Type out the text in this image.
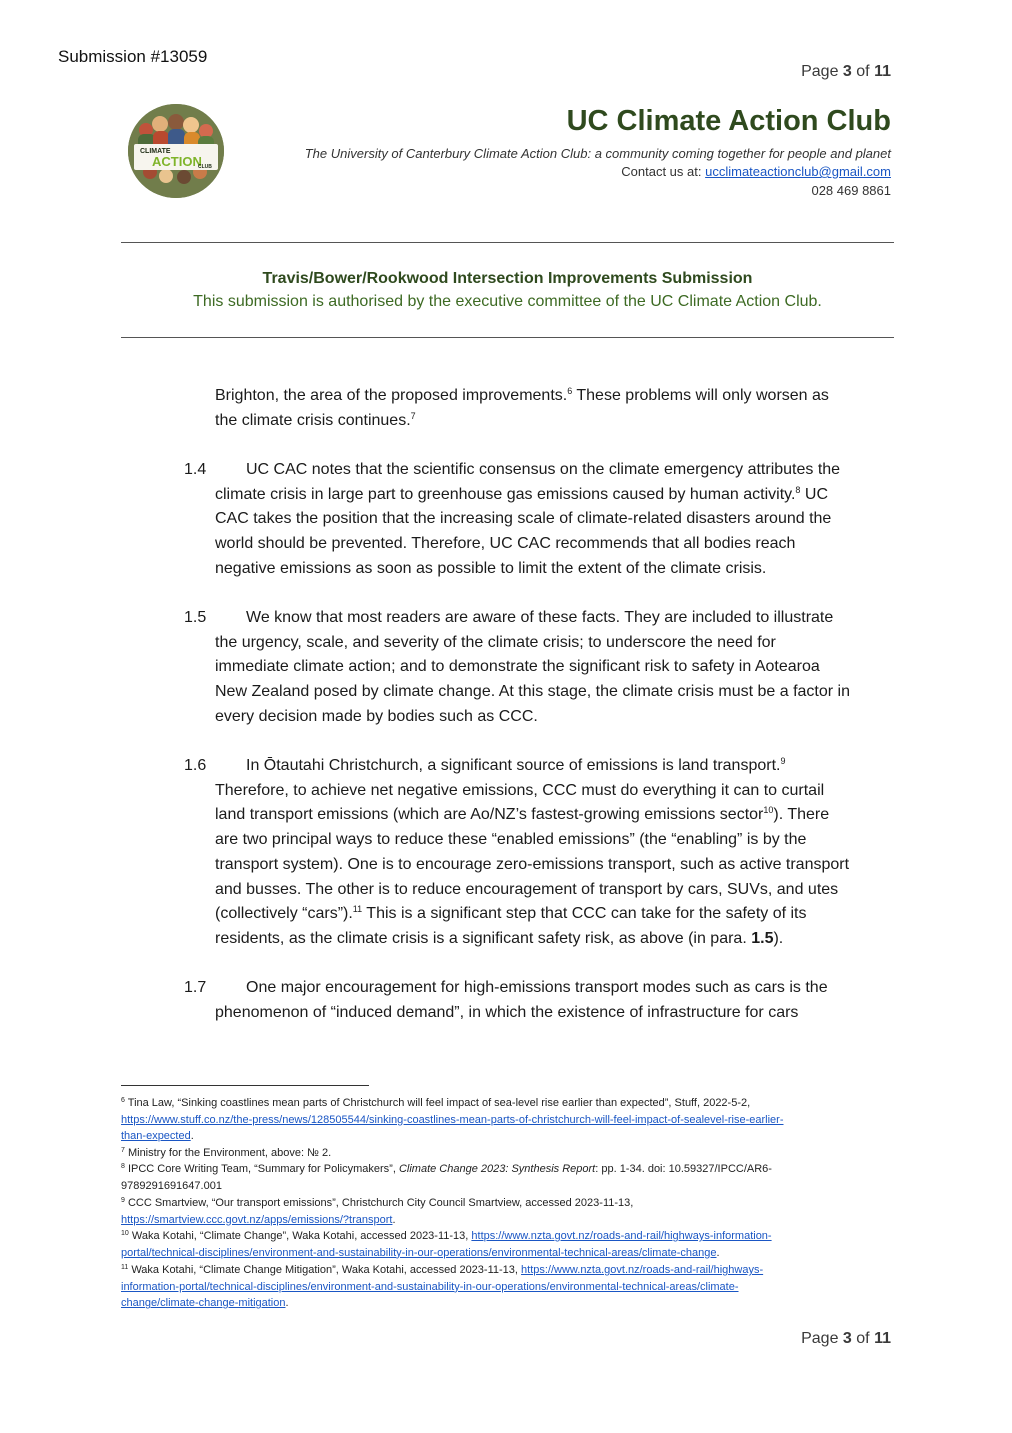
Submission #13059
Page 3 of 11
CLIMATE
ACTION
CLUB
UC Climate Action Club
The University of Canterbury Climate Action Club: a community coming together for people and planet
Contact us at: ucclimateactionclub@gmail.com
028 469 8861
Travis/Bower/Rookwood Intersection Improvements Submission
This submission is authorised by the executive committee of the UC Climate Action Club.
Brighton, the area of the proposed improvements.$^6$ These problems will only worsen as
the climate crisis continues.$^7$
1.4	UC CAC notes that the scientific consensus on the climate emergency attributes the
climate crisis in large part to greenhouse gas emissions caused by human activity.$^8$ UC
CAC takes the position that the increasing scale of climate-related disasters around the
world should be prevented. Therefore, UC CAC recommends that all bodies reach
negative emissions as soon as possible to limit the extent of the climate crisis.
1.5	We know that most readers are aware of these facts. They are included to illustrate
the urgency, scale, and severity of the climate crisis; to underscore the need for
immediate climate action; and to demonstrate the significant risk to safety in Aotearoa
New Zealand posed by climate change. At this stage, the climate crisis must be a factor in
every decision made by bodies such as CCC.
1.6	In Ōtautahi Christchurch, a significant source of emissions is land transport.$^9$
Therefore, to achieve net negative emissions, CCC must do everything it can to curtail
land transport emissions (which are Ao/NZ’s fastest-growing emissions sector$^{10}$). There
are two principal ways to reduce these “enabled emissions” (the “enabling” is by the
transport system). One is to encourage zero-emissions transport, such as active transport
and busses. The other is to reduce encouragement of transport by cars, SUVs, and utes
(collectively “cars”).$^{11}$ This is a significant step that CCC can take for the safety of its
residents, as the climate crisis is a significant safety risk, as above (in para. 1.5).
1.7	One major encouragement for high-emissions transport modes such as cars is the
phenomenon of “induced demand”, in which the existence of infrastructure for cars
$^6$ Tina Law, “Sinking coastlines mean parts of Christchurch will feel impact of sea-level rise earlier than expected”, Stuff, 2022-5-2,
https://www.stuff.co.nz/the-press/news/128505544/sinking-coastlines-mean-parts-of-christchurch-will-feel-impact-of-sealevel-rise-earlier-
than-expected.
$^7$ Ministry for the Environment, above: № 2.
$^8$ IPCC Core Writing Team, “Summary for Policymakers”, Climate Change 2023: Synthesis Report: pp. 1-34. doi: 10.59327/IPCC/AR6-
9789291691647.001
$^9$ CCC Smartview, “Our transport emissions”, Christchurch City Council Smartview, accessed 2023-11-13,
https://smartview.ccc.govt.nz/apps/emissions/?transport.
$^{10}$ Waka Kotahi, “Climate Change”, Waka Kotahi, accessed 2023-11-13, https://www.nzta.govt.nz/roads-and-rail/highways-information-
portal/technical-disciplines/environment-and-sustainability-in-our-operations/environmental-technical-areas/climate-change.
$^{11}$ Waka Kotahi, “Climate Change Mitigation”, Waka Kotahi, accessed 2023-11-13, https://www.nzta.govt.nz/roads-and-rail/highways-
information-portal/technical-disciplines/environment-and-sustainability-in-our-operations/environmental-technical-areas/climate-
change/climate-change-mitigation.
Page 3 of 11
